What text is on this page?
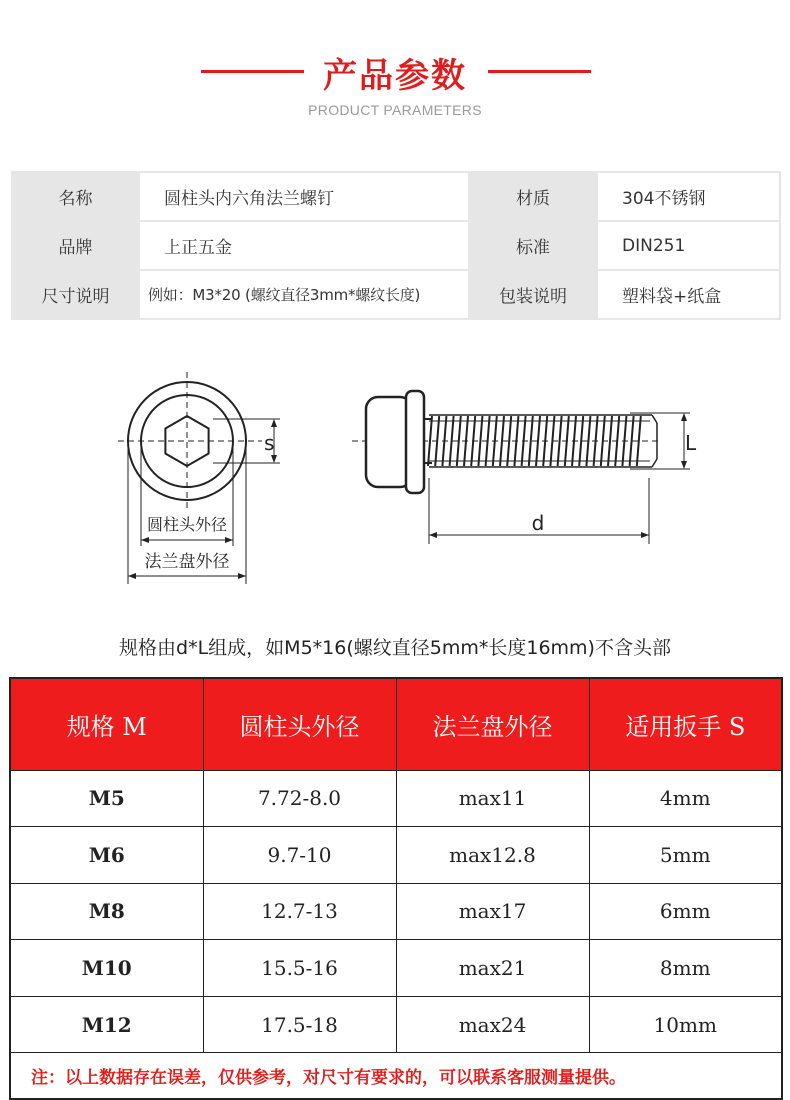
产品参数
PRODUCT PARAMETERS
名称	圆柱头内六角法兰螺钉	材质	304不锈钢
品牌	上正五金	标准	DIN251
尺寸说明	例如：M3*20 (螺纹直径3mm*螺纹长度)	包装说明	塑料袋+纸盒
s
圆柱头外径
法兰盘外径
L
d
规格由d*L组成，如M5*16(螺纹直径5mm*长度16mm)不含头部
规格 M	圆柱头外径	法兰盘外径	适用扳手 S
M5	7.72-8.0	max11	4mm
M6	9.7-10	max12.8	5mm
M8	12.7-13	max17	6mm
M10	15.5-16	max21	8mm
M12	17.5-18	max24	10mm
注：以上数据存在误差，仅供参考，对尺寸有要求的，可以联系客服测量提供。			
